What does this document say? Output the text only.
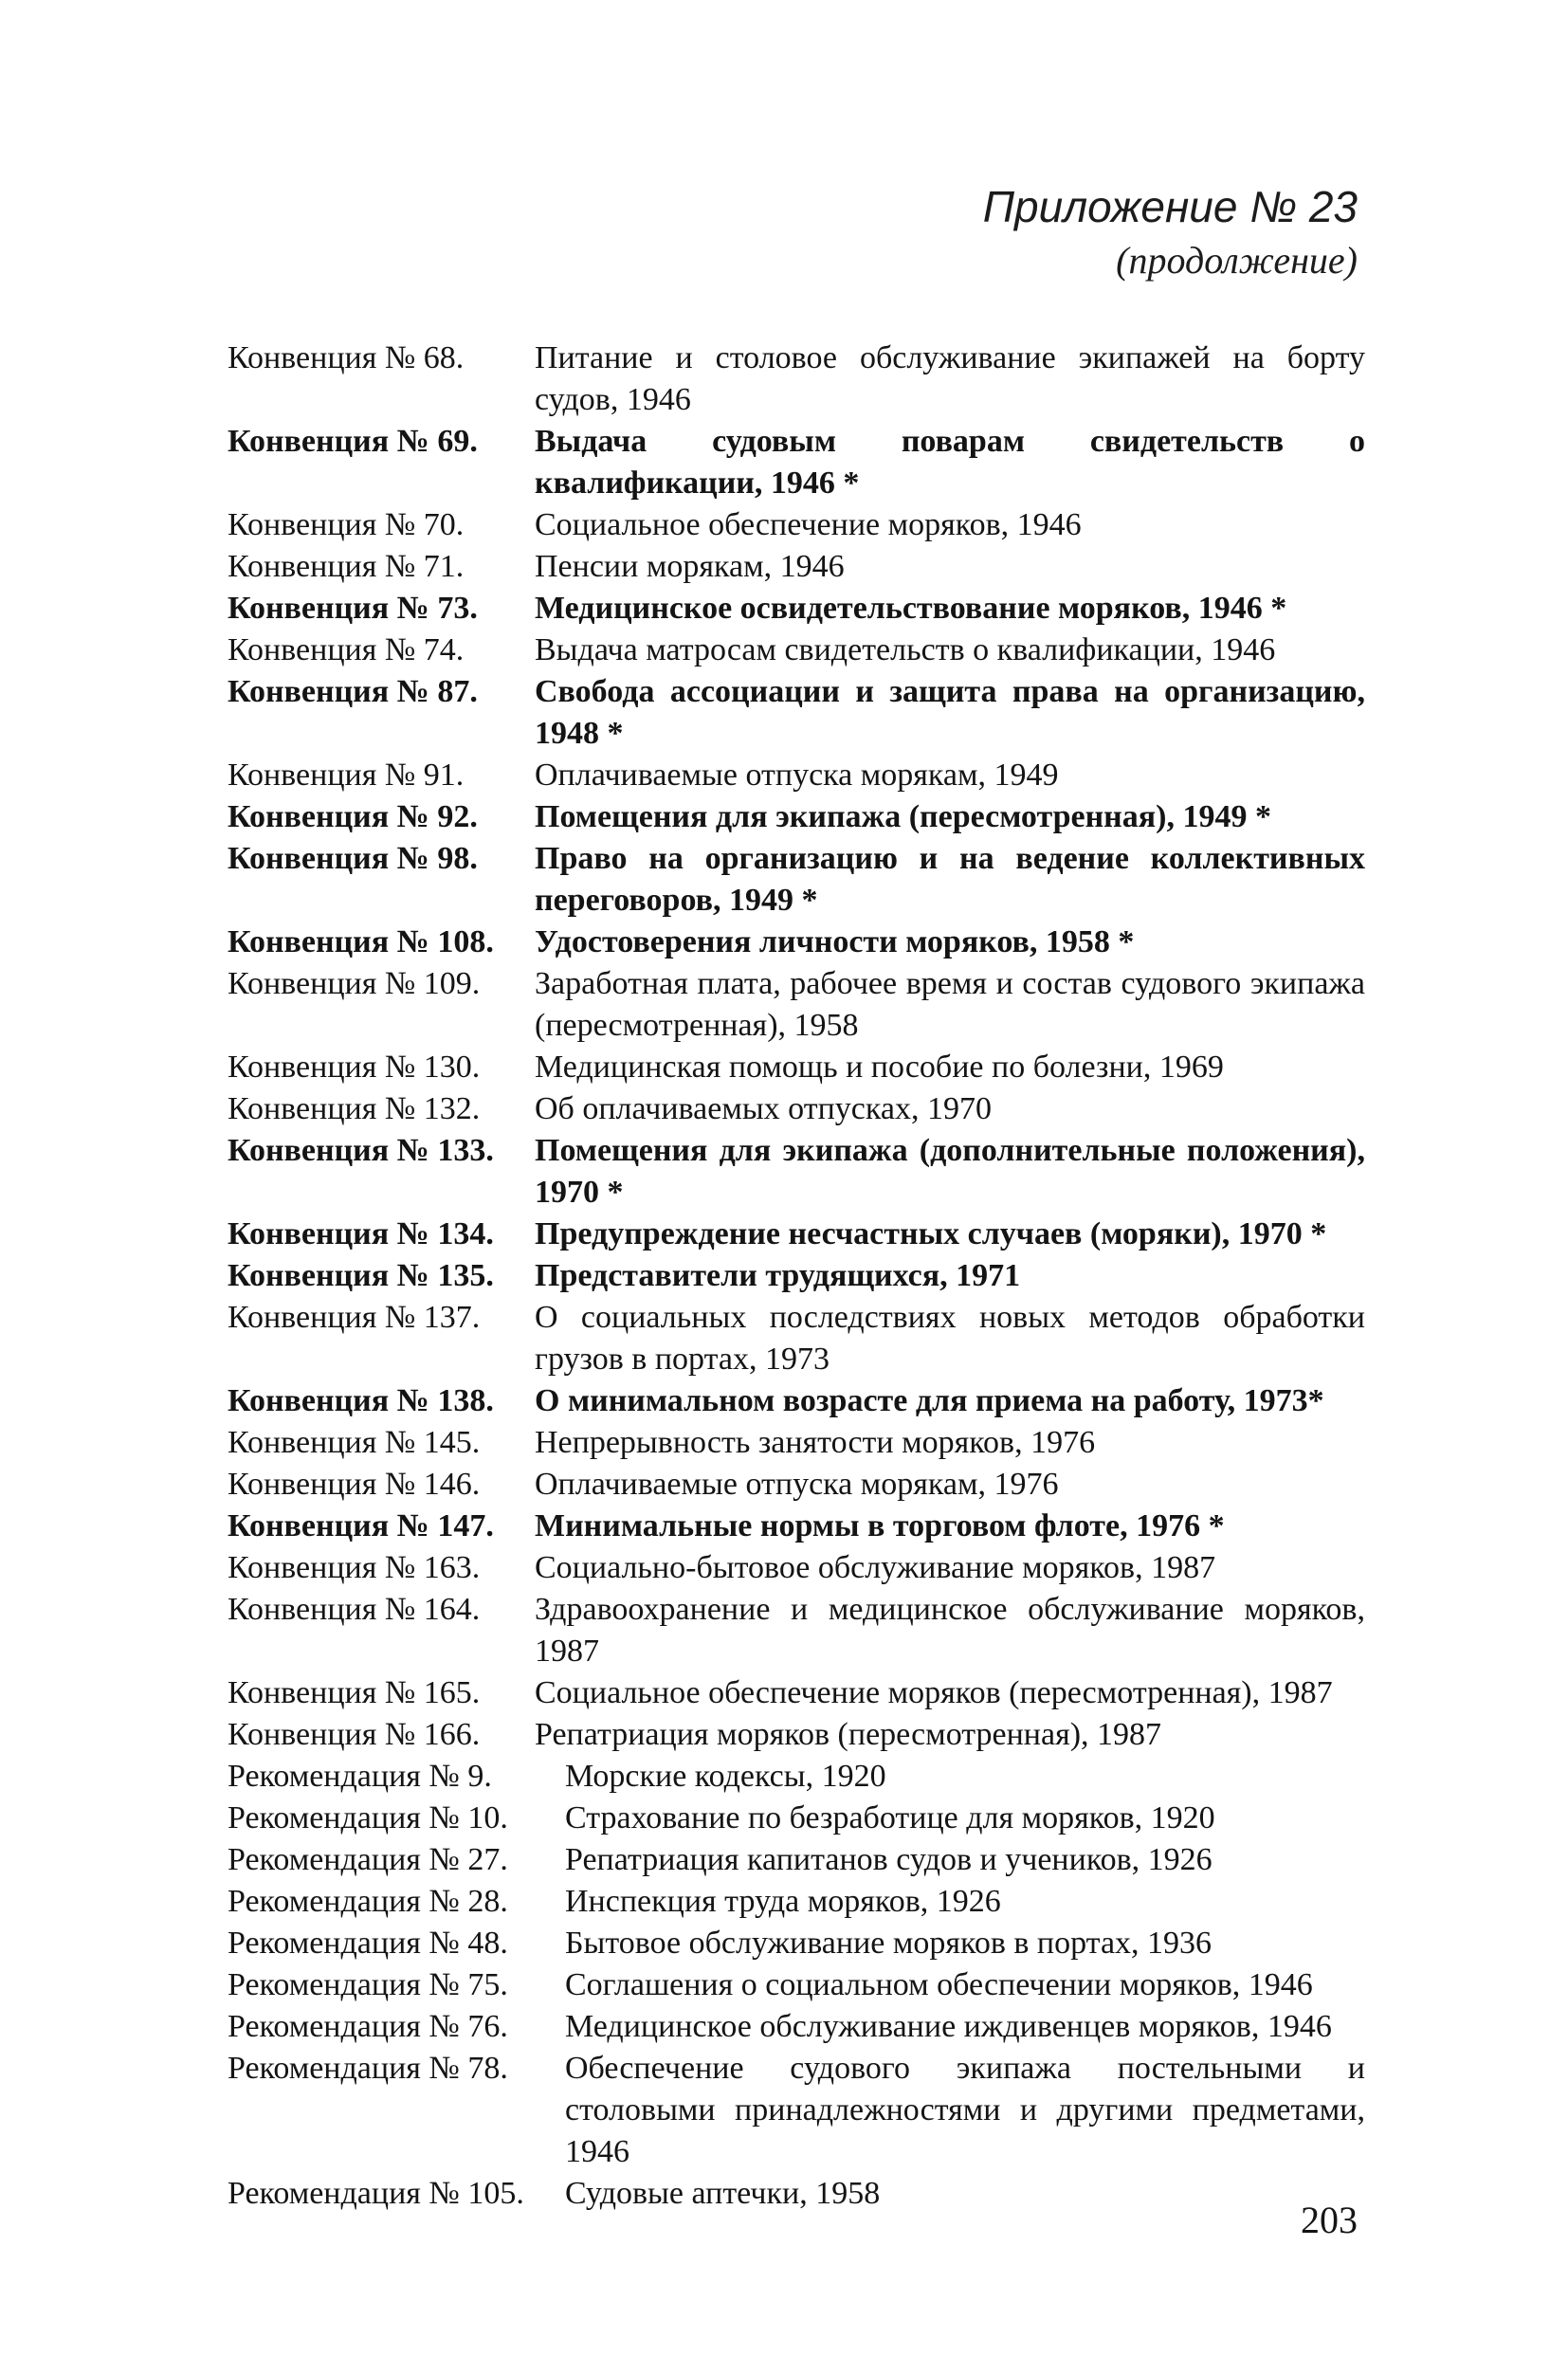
Приложение № 23
(продолжение)
Конвенция № 68.	Питание и столовое обслуживание экипажей на борту судов, 1946
Конвенция № 69.	Выдача судовым поварам свидетельств о квалификации, 1946 *
Конвенция № 70.	Социальное обеспечение моряков, 1946
Конвенция № 71.	Пенсии морякам, 1946
Конвенция № 73.	Медицинское освидетельствование моряков, 1946 *
Конвенция № 74.	Выдача матросам свидетельств о квалификации, 1946
Конвенция № 87.	Свобода ассоциации и защита права на организацию, 1948 *
Конвенция № 91.	Оплачиваемые отпуска морякам, 1949
Конвенция № 92.	Помещения для экипажа (пересмотренная), 1949 *
Конвенция № 98.	Право на организацию и на ведение коллективных переговоров, 1949 *
Конвенция № 108.	Удостоверения личности моряков, 1958 *
Конвенция № 109.	Заработная плата, рабочее время и состав судового экипажа (пересмотренная), 1958
Конвенция № 130.	Медицинская помощь и пособие по болезни, 1969
Конвенция № 132.	Об оплачиваемых отпусках, 1970
Конвенция № 133.	Помещения для экипажа (дополнительные положения), 1970 *
Конвенция № 134.	Предупреждение несчастных случаев (моряки), 1970 *
Конвенция № 135.	Представители трудящихся, 1971
Конвенция № 137.	О социальных последствиях новых методов обработки грузов в портах, 1973
Конвенция № 138.	О минимальном возрасте для приема на работу, 1973*
Конвенция № 145.	Непрерывность занятости моряков, 1976
Конвенция № 146.	Оплачиваемые отпуска морякам, 1976
Конвенция № 147.	Минимальные нормы в торговом флоте, 1976 *
Конвенция № 163.	Социально-бытовое обслуживание моряков, 1987
Конвенция № 164.	Здравоохранение и медицинское обслуживание моряков, 1987
Конвенция № 165.	Социальное обеспечение моряков (пересмотренная), 1987
Конвенция № 166.	Репатриация моряков (пересмотренная), 1987
Рекомендация № 9.	Морские кодексы, 1920
Рекомендация № 10.	Страхование по безработице для моряков, 1920
Рекомендация № 27.	Репатриация капитанов судов и учеников, 1926
Рекомендация № 28.	Инспекция труда моряков, 1926
Рекомендация № 48.	Бытовое обслуживание моряков в портах, 1936
Рекомендация № 75.	Соглашения о социальном обеспечении моряков, 1946
Рекомендация № 76.	Медицинское обслуживание иждивенцев моряков, 1946
Рекомендация № 78.	Обеспечение судового экипажа постельными и столовыми принадлежностями и другими предметами, 1946
Рекомендация № 105.	Судовые аптечки, 1958
203
